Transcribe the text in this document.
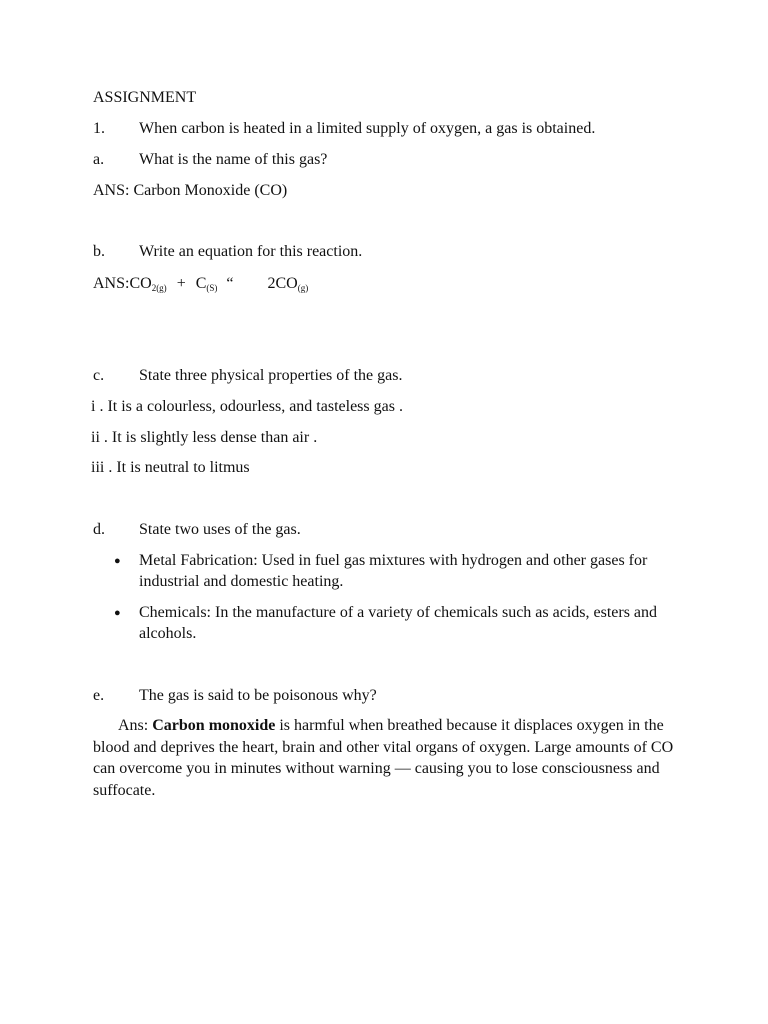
ASSIGNMENT
1. When carbon is heated in a limited supply of oxygen, a gas is obtained.
a. What is the name of this gas?
ANS: Carbon Monoxide (CO)
b. Write an equation for this reaction.
$ANS:CO_{2(g)} + C_{(S)}$ “ $2CO_{(g)}$
c. State three physical properties of the gas.
i . It is a colourless, odourless, and tasteless gas .
ii . It is slightly less dense than air .
iii . It is neutral to litmus
d. State two uses of the gas.
● Metal Fabrication: Used in fuel gas mixtures with hydrogen and other gases for industrial and domestic heating.
● Chemicals: In the manufacture of a variety of chemicals such as acids, esters and alcohols.
e. The gas is said to be poisonous why?
Ans: Carbon monoxide is harmful when breathed because it displaces oxygen in the blood and deprives the heart, brain and other vital organs of oxygen. Large amounts of CO can overcome you in minutes without warning — causing you to lose consciousness and suffocate.
